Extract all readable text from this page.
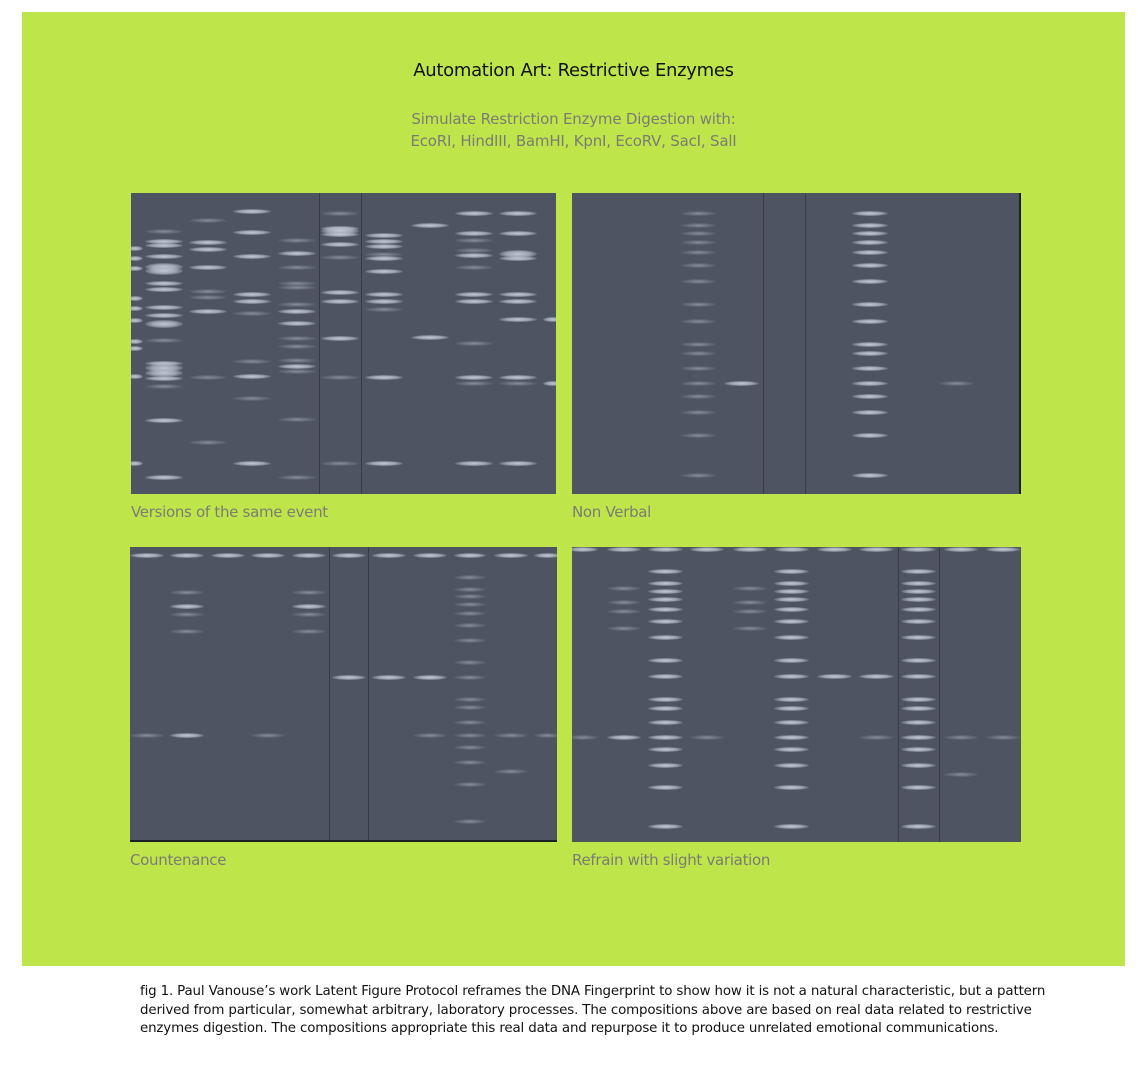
Automation Art: Restrictive Enzymes
Simulate Restriction Enzyme Digestion with:
EcoRI, HindIII, BamHI, KpnI, EcoRV, SacI, SalI
Versions of the same event	Non Verbal
Countenance	Refrain with slight variation
fig 1. Paul Vanouse’s work Latent Figure Protocol reframes the DNA Fingerprint to show how it is not a natural characteristic, but a pattern derived from particular, somewhat arbitrary, laboratory processes. The compositions above are based on real data related to restrictive enzymes digestion. The compositions appropriate this real data and repurpose it to produce unrelated emotional communications.
